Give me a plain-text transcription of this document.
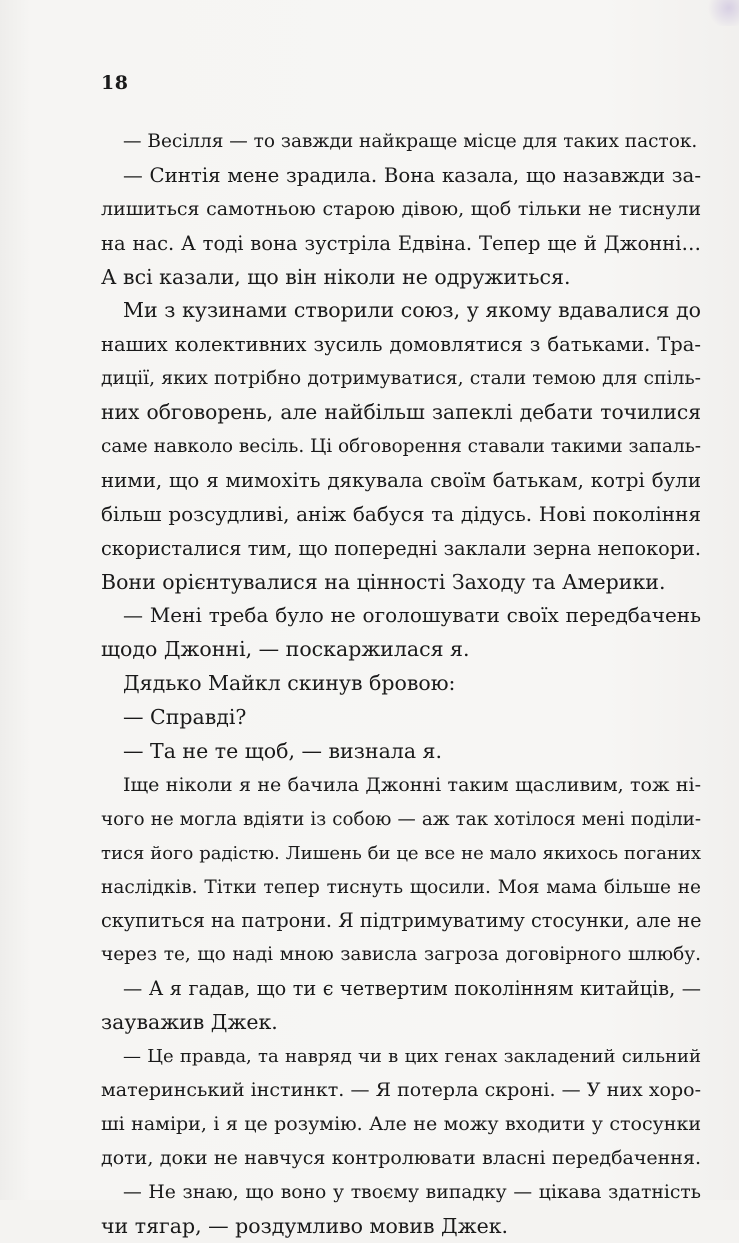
18
— Весілля — то завжди найкраще місце для таких пасток.
— Синтія мене зрадила. Вона казала, що назавжди за-
лишиться самотньою старою дівою, щоб тільки не тиснули
на нас. А тоді вона зустріла Едвіна. Тепер ще й Джонні…
А всі казали, що він ніколи не одружиться.
Ми з кузинами створили союз, у якому вдавалися до
наших колективних зусиль домовлятися з батьками. Тра-
диції, яких потрібно дотримуватися, стали темою для спіль-
них обговорень, але найбільш запеклі дебати точилися
саме навколо весіль. Ці обговорення ставали такими запаль-
ними, що я мимохіть дякувала своїм батькам, котрі були
більш розсудливі, аніж бабуся та дідусь. Нові покоління
скористалися тим, що попередні заклали зерна непокори.
Вони орієнтувалися на цінності Заходу та Америки.
— Мені треба було не оголошувати своїх передбачень
щодо Джонні, — поскаржилася я.
Дядько Майкл скинув бровою:
— Справді?
— Та не те щоб, — визнала я.
Іще ніколи я не бачила Джонні таким щасливим, тож ні-
чого не могла вдіяти із собою — аж так хотілося мені поділи-
тися його радістю. Лишень би це все не мало якихось поганих
наслідків. Тітки тепер тиснуть щосили. Моя мама більше не
скупиться на патрони. Я підтримуватиму стосунки, але не
через те, що наді мною зависла загроза договірного шлюбу.
— А я гадав, що ти є четвертим поколінням китайців, —
зауважив Джек.
— Це правда, та навряд чи в цих генах закладений сильний
материнський інстинкт. — Я потерла скроні. — У них хоро-
ші наміри, і я це розумію. Але не можу входити у стосунки
доти, доки не навчуся контролювати власні передбачення.
— Не знаю, що воно у твоєму випадку — цікава здатність
чи тягар, — роздумливо мовив Джек.
